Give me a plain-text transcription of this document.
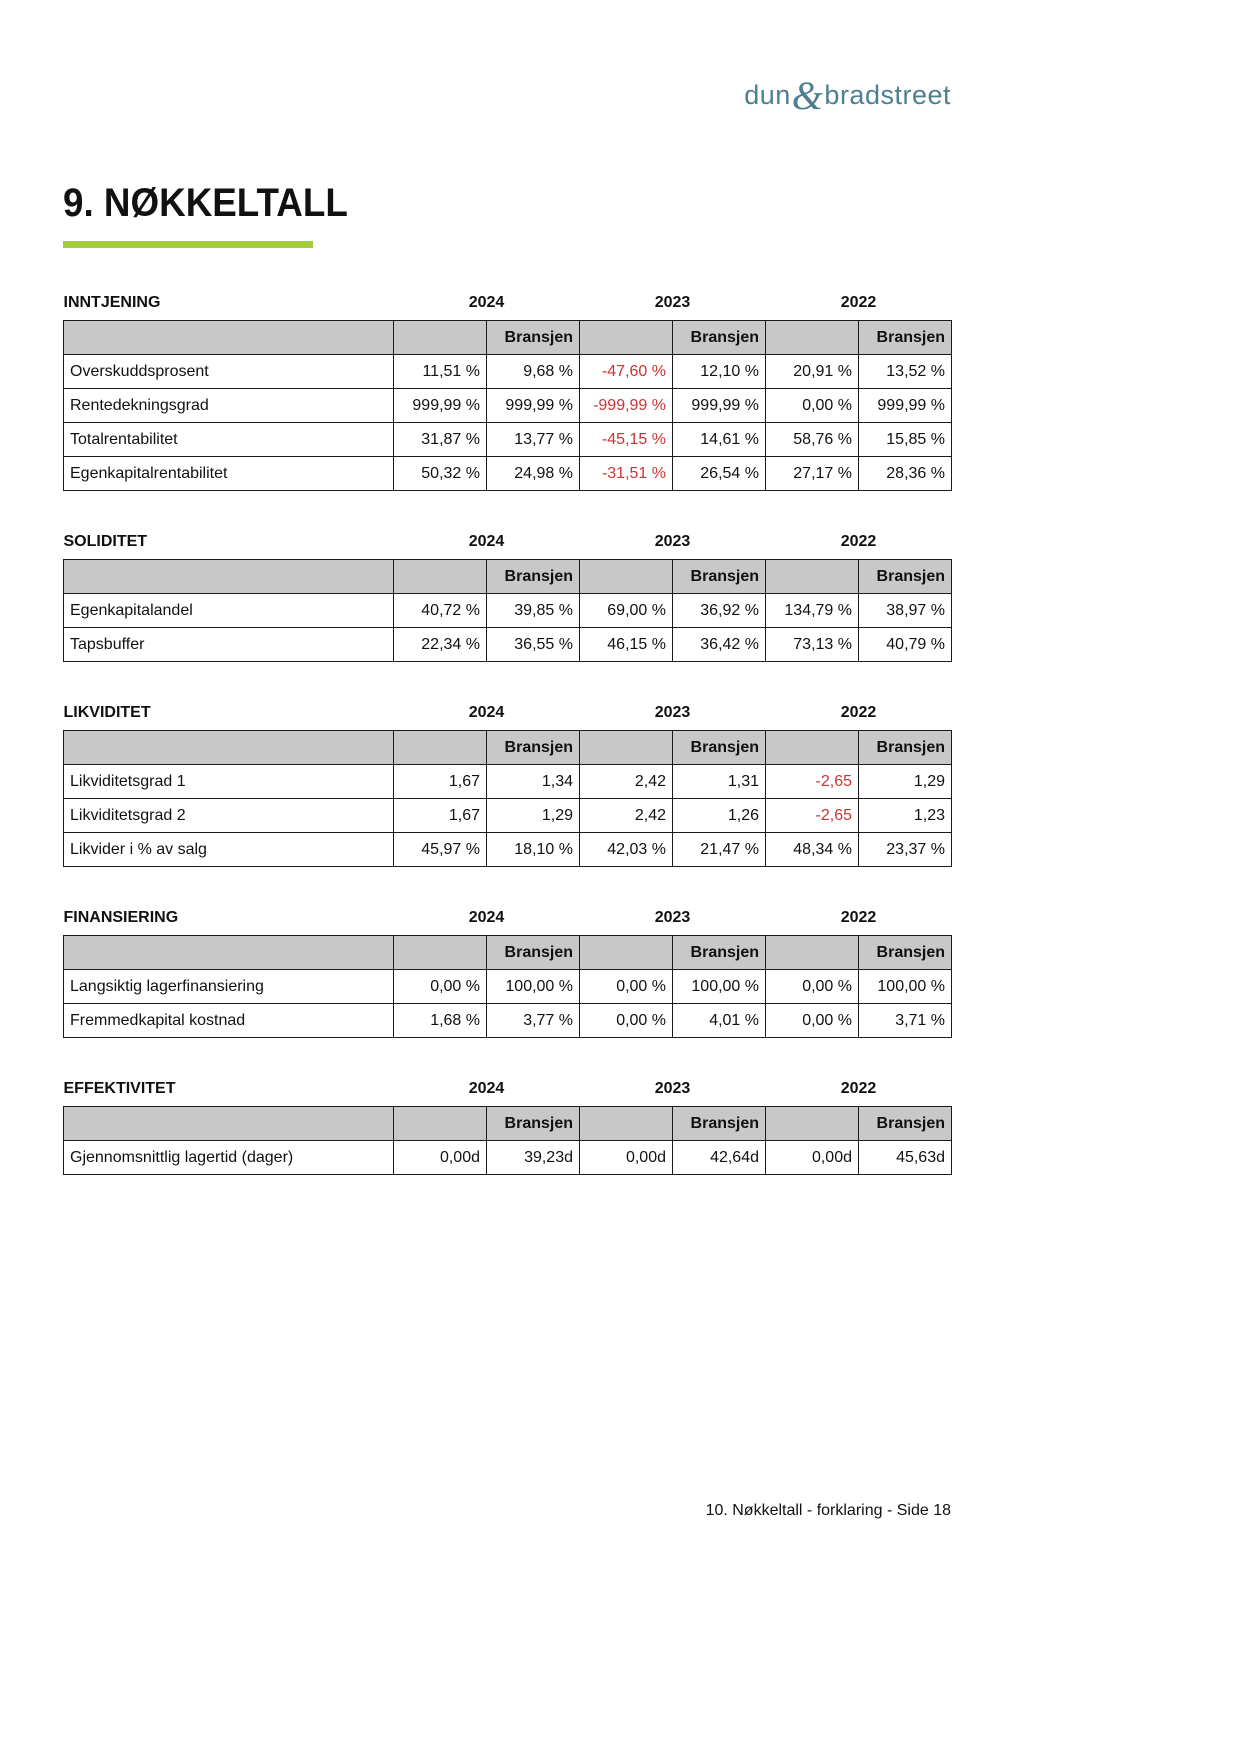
dun&bradstreet
9. NØKKELTALL
INNTJENING	2024		2023		2022	
		Bransjen		Bransjen		Bransjen
Overskuddsprosent	11,51 %	9,68 %	-47,60 %	12,10 %	20,91 %	13,52 %
Rentedekningsgrad	999,99 %	999,99 %	-999,99 %	999,99 %	0,00 %	999,99 %
Totalrentabilitet	31,87 %	13,77 %	-45,15 %	14,61 %	58,76 %	15,85 %
Egenkapitalrentabilitet	50,32 %	24,98 %	-31,51 %	26,54 %	27,17 %	28,36 %
SOLIDITET	2024		2023		2022	
		Bransjen		Bransjen		Bransjen
Egenkapitalandel	40,72 %	39,85 %	69,00 %	36,92 %	134,79 %	38,97 %
Tapsbuffer	22,34 %	36,55 %	46,15 %	36,42 %	73,13 %	40,79 %
LIKVIDITET	2024		2023		2022	
		Bransjen		Bransjen		Bransjen
Likviditetsgrad 1	1,67	1,34	2,42	1,31	-2,65	1,29
Likviditetsgrad 2	1,67	1,29	2,42	1,26	-2,65	1,23
Likvider i % av salg	45,97 %	18,10 %	42,03 %	21,47 %	48,34 %	23,37 %
FINANSIERING	2024		2023		2022	
		Bransjen		Bransjen		Bransjen
Langsiktig lagerfinansiering	0,00 %	100,00 %	0,00 %	100,00 %	0,00 %	100,00 %
Fremmedkapital kostnad	1,68 %	3,77 %	0,00 %	4,01 %	0,00 %	3,71 %
EFFEKTIVITET	2024		2023		2022	
		Bransjen		Bransjen		Bransjen
Gjennomsnittlig lagertid (dager)	0,00d	39,23d	0,00d	42,64d	0,00d	45,63d
10. Nøkkeltall - forklaring - Side 18
